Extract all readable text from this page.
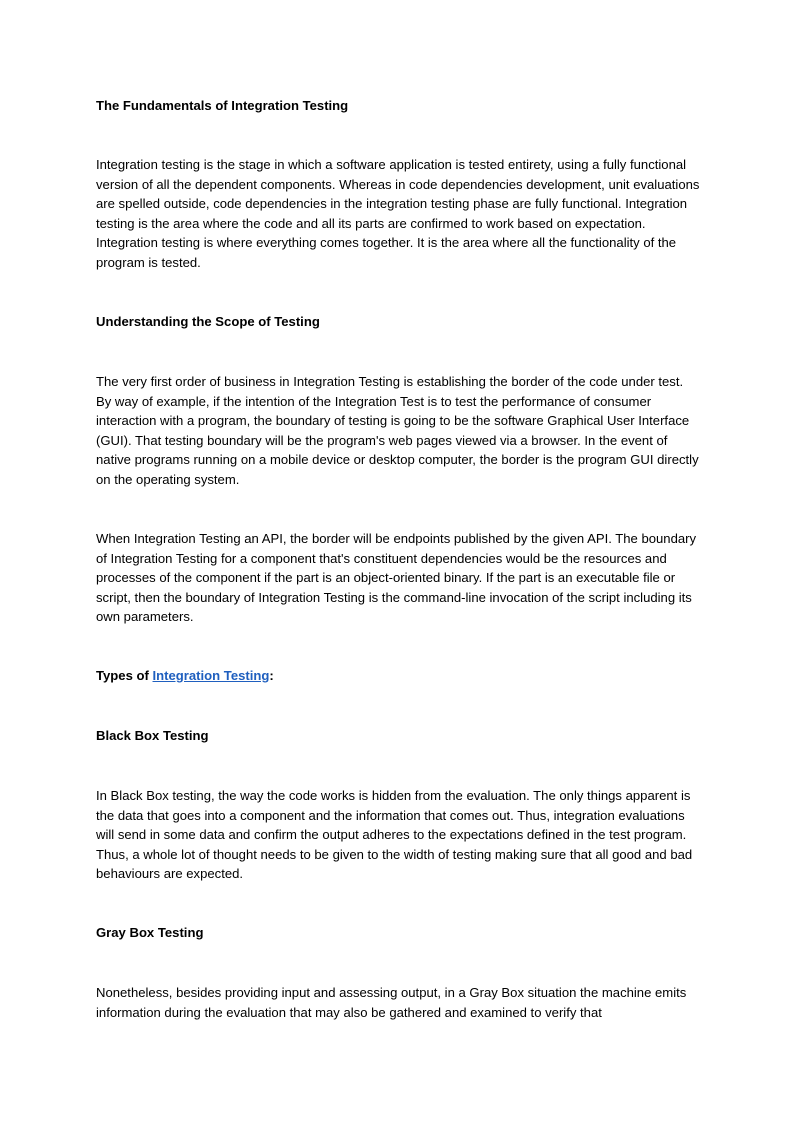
The Fundamentals of Integration Testing

Integration testing is the stage in which a software application is tested entirety, using a fully functional version of all the dependent components. Whereas in code dependencies development, unit evaluations are spelled outside, code dependencies in the integration testing phase are fully functional. Integration testing is the area where the code and all its parts are confirmed to work based on expectation. Integration testing is where everything comes together. It is the area where all the functionality of the program is tested.

Understanding the Scope of Testing

The very first order of business in Integration Testing is establishing the border of the code under test. By way of example, if the intention of the Integration Test is to test the performance of consumer interaction with a program, the boundary of testing is going to be the software Graphical User Interface (GUI). That testing boundary will be the program's web pages viewed via a browser. In the event of native programs running on a mobile device or desktop computer, the border is the program GUI directly on the operating system.

When Integration Testing an API, the border will be endpoints published by the given API. The boundary of Integration Testing for a component that's constituent dependencies would be the resources and processes of the component if the part is an object-oriented binary. If the part is an executable file or script, then the boundary of Integration Testing is the command-line invocation of the script including its own parameters.

Types of Integration Testing:

Black Box Testing

In Black Box testing, the way the code works is hidden from the evaluation. The only things apparent is the data that goes into a component and the information that comes out. Thus, integration evaluations will send in some data and confirm the output adheres to the expectations defined in the test program. Thus, a whole lot of thought needs to be given to the width of testing making sure that all good and bad behaviours are expected.

Gray Box Testing

Nonetheless, besides providing input and assessing output, in a Gray Box situation the machine emits information during the evaluation that may also be gathered and examined to verify that
